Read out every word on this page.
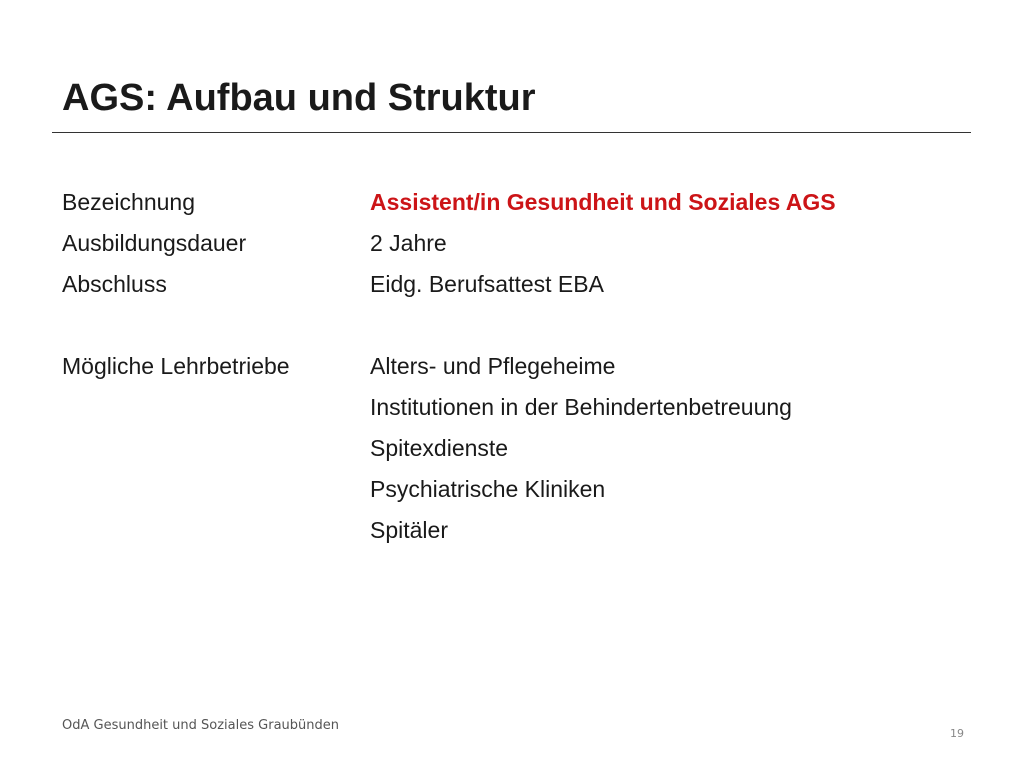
AGS: Aufbau und Struktur
Bezeichnung	Assistent/in Gesundheit und Soziales AGS
Ausbildungsdauer	2 Jahre
Abschluss	Eidg. Berufsattest EBA
Mögliche Lehrbetriebe	Alters- und Pflegeheime
Institutionen in der Behindertenbetreuung
Spitexdienste
Psychiatrische Kliniken
Spitäler
OdA Gesundheit und Soziales Graubünden
19
